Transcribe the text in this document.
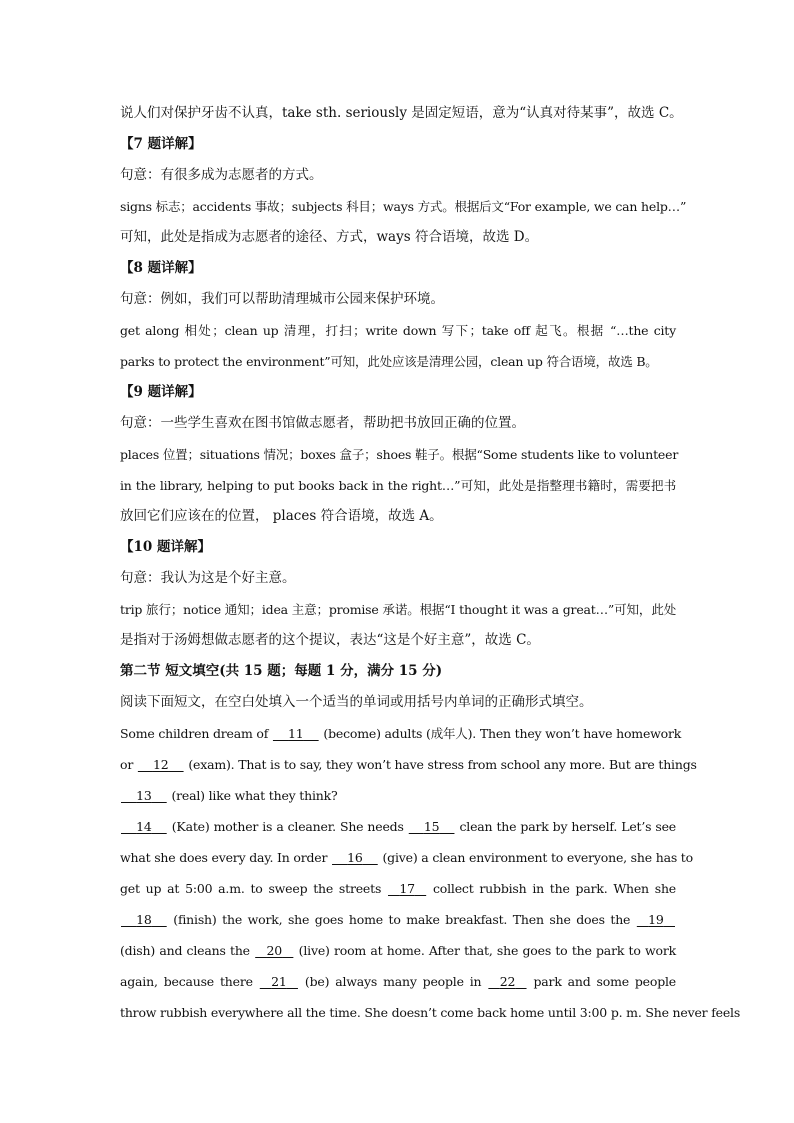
说人们对保护牙齿不认真，take sth. seriously 是固定短语，意为“认真对待某事”，故选 C。
【7 题详解】
句意：有很多成为志愿者的方式。
signs 标志；accidents 事故；subjects 科目；ways 方式。根据后文“For example, we can help…”
可知，此处是指成为志愿者的途径、方式，ways 符合语境，故选 D。
【8 题详解】
句意：例如，我们可以帮助清理城市公园来保护环境。
get along 相处；clean up 清理，打扫；write down 写下；take off 起飞。根据 “…the city
parks to protect the environment”可知，此处应该是清理公园，clean up 符合语境，故选 B。
【9 题详解】
句意：一些学生喜欢在图书馆做志愿者，帮助把书放回正确的位置。
places 位置；situations 情况；boxes 盒子；shoes 鞋子。根据“Some students like to volunteer
in the library, helping to put books back in the right…”可知，此处是指整理书籍时，需要把书
放回它们应该在的位置， places 符合语境，故选 A。
【10 题详解】
句意：我认为这是个好主意。
trip 旅行；notice 通知；idea 主意；promise 承诺。根据“I thought it was a great…”可知，此处
是指对于汤姆想做志愿者的这个提议，表达“这是个好主意”，故选 C。
第二节 短文填空(共 15 题；每题 1 分，满分 15 分)
阅读下面短文，在空白处填入一个适当的单词或用括号内单词的正确形式填空。
Some children dream of     11     (become) adults (成年人). Then they won’t have homework
or     12     (exam). That is to say, they won’t have stress from school any more. But are things
13     (real) like what they think?
14     (Kate) mother is a cleaner. She needs     15     clean the park by herself. Let’s see
what she does every day. In order     16     (give) a clean environment to everyone, she has to
get up at 5:00 a.m. to sweep the streets    17    collect rubbish in the park. When she
18     (finish) the work, she goes home to make breakfast. Then she does the    19
(dish) and cleans the    20    (live) room at home. After that, she goes to the park to work
again, because there    21    (be) always many people in    22    park and some people
throw rubbish everywhere all the time. She doesn’t come back home until 3:00 p. m. She never feels
